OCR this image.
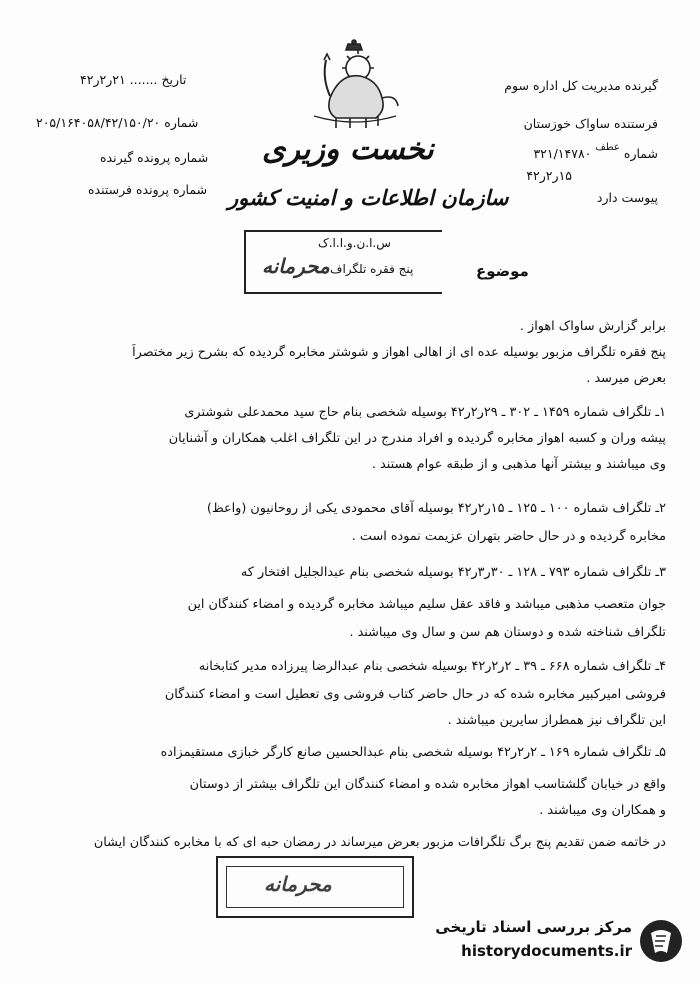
نخست وزیری
سازمان اطلاعات و امنیت کشور
تاریخ ....... ۲۱ر۲ر۴۲
شماره ۲۰۵/۱۶۴۰۵۸/۴۲/۱۵۰/۲۰
شماره پرونده گیرنده
شماره پرونده فرستنده
گیرنده مدیریت کل اداره سوم
فرستنده ساواک خوزستان
شماره $^{عطف}$ ۳۲۱/۱۴۷۸۰
۱۵ر۲ر۴۲
پیوست دارد
س.ا.ن.و.ا.ا.ک
محرمانه پنج فقره تلگراف	موضوع
برابر گزارش ساواک اهواز .
پنج فقره تلگراف مزبور بوسیله عده ای از اهالی اهواز و شوشتر مخابره گردیده که بشرح زیر مختصراً
بعرض میرسد .
۱ـ تلگراف شماره ۱۴۵۹ ـ ۳۰۲ ـ ۲۹ر۲ر۴۲ بوسیله شخصی بنام حاج سید محمدعلی شوشتری
پیشه وران و کسبه اهواز مخابره گردیده و افراد مندرج در این تلگراف اغلب همکاران و آشنایان
وی میباشند و بیشتر آنها مذهبی و از طبقه عوام هستند .
۲ـ تلگراف شماره ۱۰۰ ـ ۱۲۵ ـ ۱۵ر۲ر۴۲ بوسیله آقای محمودی یکی از روحانیون (واعظ)
مخابره گردیده و در حال حاضر بتهران عزیمت نموده است .
۳ـ تلگراف شماره ۷۹۳ ـ ۱۲۸ ـ ۳۰ر۳ر۴۲ بوسیله شخصی بنام عبدالجلیل افتخار که
جوان متعصب مذهبی میباشد و فاقد عقل سلیم میباشد مخابره گردیده و امضاء کنندگان این
تلگراف شناخته شده و دوستان هم سن و سال وی میباشند .
۴ـ تلگراف شماره ۶۶۸ ـ ۳۹ ـ ۲ر۲ر۴۲ بوسیله شخصی بنام عبدالرضا پیرزاده مدیر کتابخانه
فروشی امیرکبیر مخابره شده که در حال حاضر کتاب فروشی وی تعطیل است و امضاء کنندگان
این تلگراف نیز همطراز سایرین میباشند .
۵ـ تلگراف شماره ۱۶۹ ـ ۲ر۲ر۴۲ بوسیله شخصی بنام عبدالحسین صانع کارگر خبازی مستقیمزاده
واقع در خیابان گلشتاسب اهواز مخابره شده و امضاء کنندگان این تلگراف بیشتر از دوستان
و همکاران وی میباشند .
در خاتمه ضمن تقدیم پنج برگ تلگرافات مزبور بعرض میرساند در رمضان حبه ای که با مخابره کنندگان ایشان
محرمانه
مرکز بررسی اسناد تاریخی
historydocuments.ir
